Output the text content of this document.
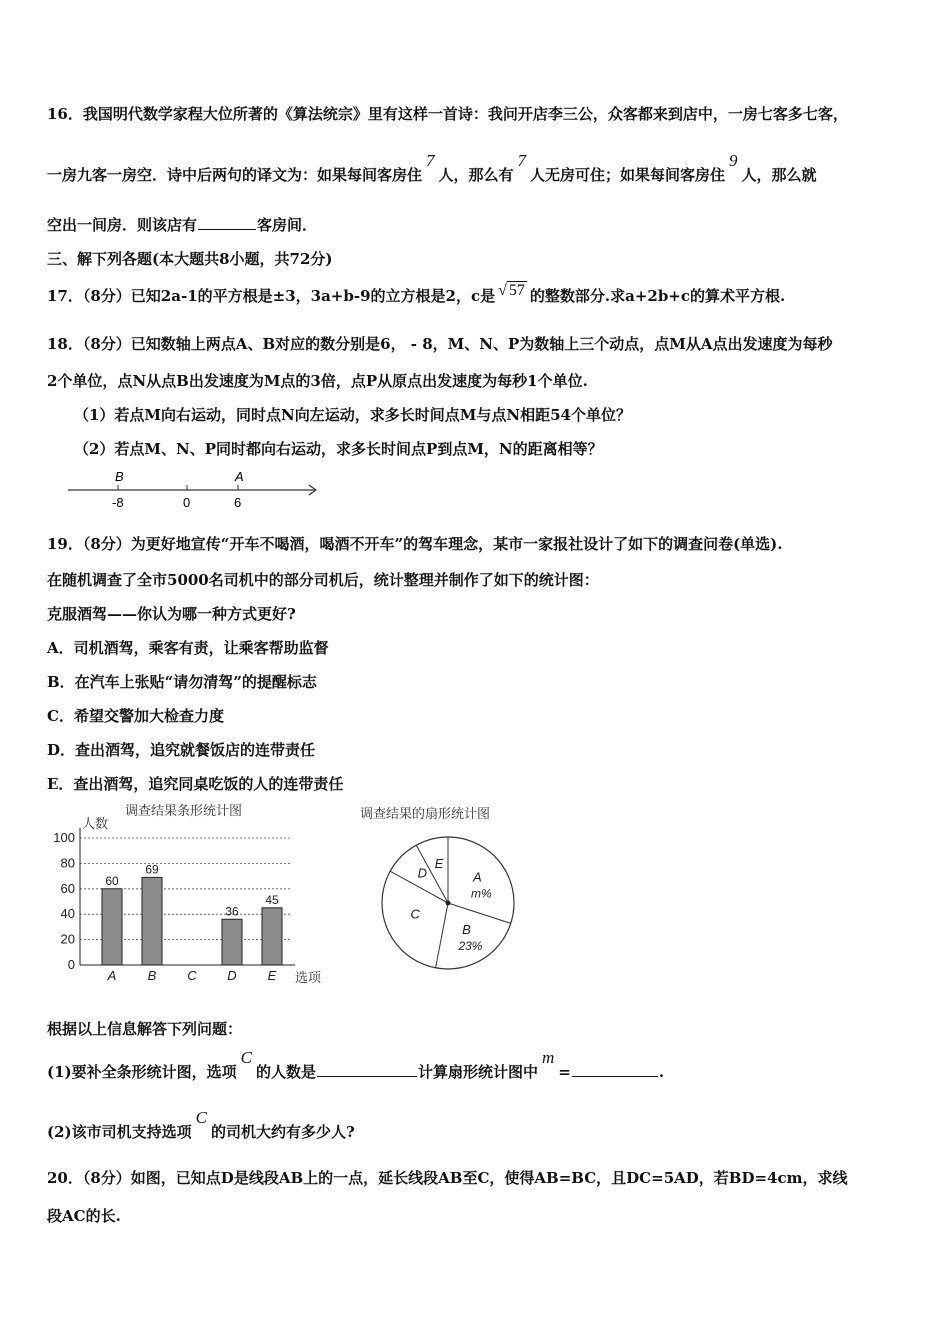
16．我国明代数学家程大位所著的《算法统宗》里有这样一首诗：我问开店李三公，众客都来到店中，一房七客多七客，
一房九客一房空．诗中后两句的译文为：如果每间客房住7人，那么有7人无房可住；如果每间客房住9人，那么就
空出一间房．则该店有	客房间．
三、解下列各题(本大题共8小题，共72分)
17．（8分）已知2a-1的平方根是±3，3a+b-9的立方根是2，c是 √ 57 的整数部分.求a+2b+c的算术平方根.
18．（8分）已知数轴上两点A、B对应的数分别是6， - 8，M、N、P为数轴上三个动点，点M从A点出发速度为每秒
2个单位，点N从点B出发速度为M点的3倍，点P从原点出发速度为每秒1个单位.
（1）若点M向右运动，同时点N向左运动，求多长时间点M与点N相距54个单位？
（2）若点M、N、P同时都向右运动，求多长时间点P到点M，N的距离相等？
B	A
-8	0	6
19．（8分）为更好地宣传“开车不喝酒，喝酒不开车”的驾车理念，某市一家报社设计了如下的调查问卷(单选).
在随机调查了全市5000名司机中的部分司机后，统计整理并制作了如下的统计图：
克服酒驾——你认为哪一种方式更好?
A．司机酒驾，乘客有责，让乘客帮助监督
B．在汽车上张贴“请勿清驾”的提醒标志
C．希望交警加大检查力度
D．查出酒驾，追究就餐饭店的连带责任
E．查出酒驾，追究同桌吃饭的人的连带责任
调查结果条形统计图
人数
选项
0
20
40
60
80
100
60
A
69
B C
36
D
45
E
调查结果的扇形统计图
A
m%
B
23%
C
D
E
根据以上信息解答下列问题：
(1)要补全条形统计图，选项C的人数是	计算扇形统计图中m=	.
(2)该市司机支持选项C的司机大约有多少人?
20．（8分）如图，已知点D是线段AB上的一点，延长线段AB至C，使得AB=BC，且DC=5AD，若BD=4cm，求线
段AC的长.
